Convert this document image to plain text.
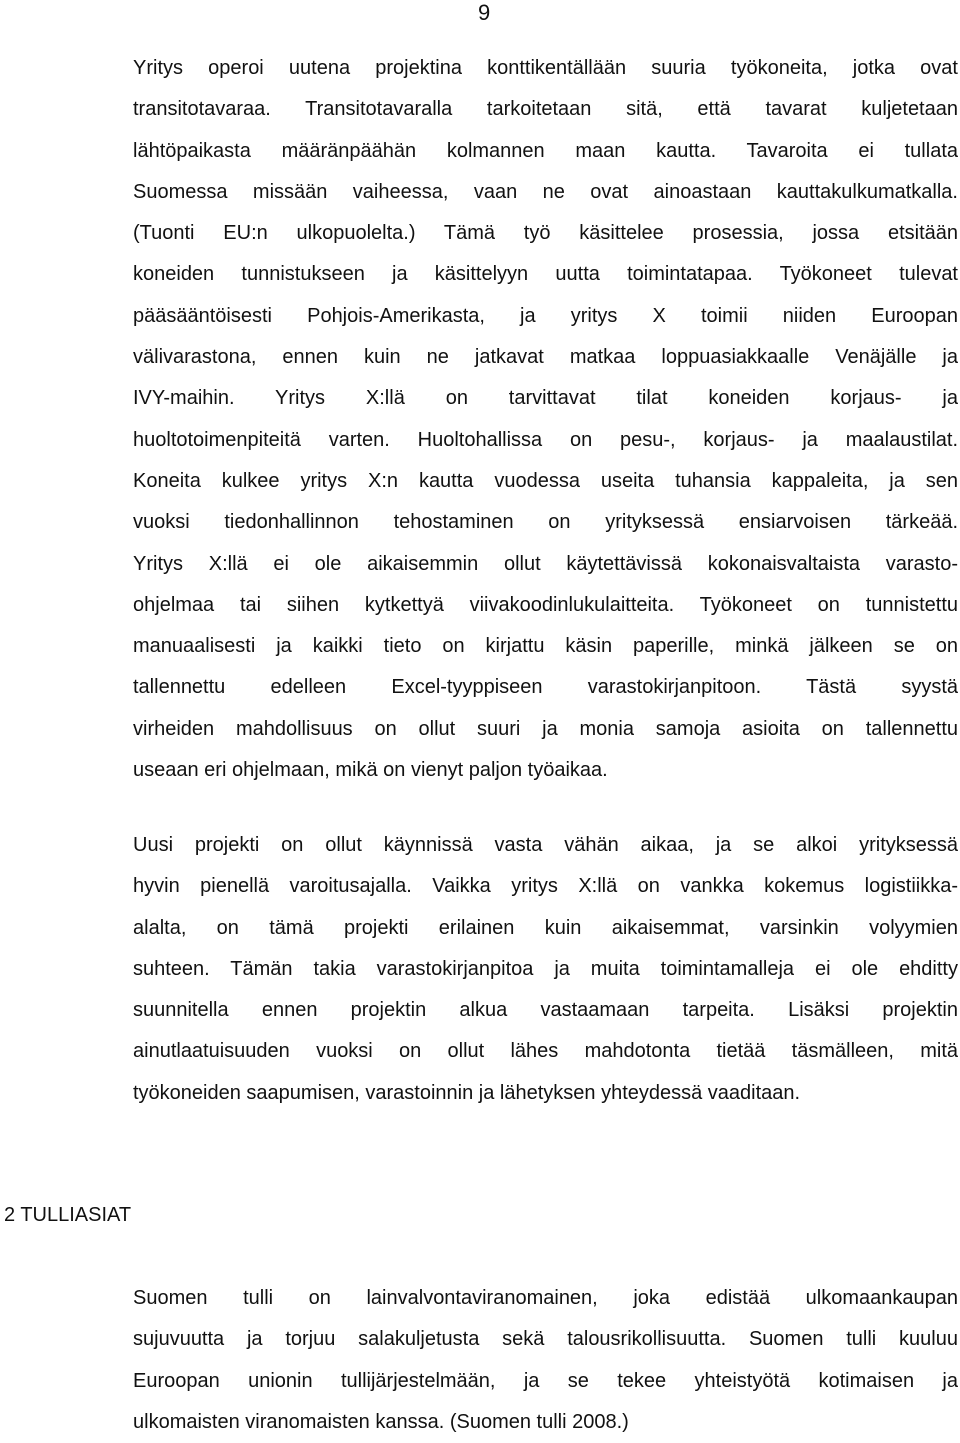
9
Yritys operoi uutena projektina konttikentällään suuria työkoneita, jotka ovat
transitotavaraa. Transitotavaralla tarkoitetaan sitä, että tavarat kuljetetaan
lähtöpaikasta määränpäähän kolmannen maan kautta. Tavaroita ei tullata
Suomessa missään vaiheessa, vaan ne ovat ainoastaan kauttakulkumatkalla.
(Tuonti EU:n ulkopuolelta.) Tämä työ käsittelee prosessia, jossa etsitään
koneiden tunnistukseen ja käsittelyyn uutta toimintatapaa. Työkoneet tulevat
pääsääntöisesti Pohjois-Amerikasta, ja yritys X toimii niiden Euroopan
välivarastona, ennen kuin ne jatkavat matkaa loppuasiakkaalle Venäjälle ja
IVY-maihin. Yritys X:llä on tarvittavat tilat koneiden korjaus- ja
huoltotoimenpiteitä varten. Huoltohallissa on pesu-, korjaus- ja maalaustilat.
Koneita kulkee yritys X:n kautta vuodessa useita tuhansia kappaleita, ja sen
vuoksi tiedonhallinnon tehostaminen on yrityksessä ensiarvoisen tärkeää.
Yritys X:llä ei ole aikaisemmin ollut käytettävissä kokonaisvaltaista varasto-
ohjelmaa tai siihen kytkettyä viivakoodinlukulaitteita. Työkoneet on tunnistettu
manuaalisesti ja kaikki tieto on kirjattu käsin paperille, minkä jälkeen se on
tallennettu edelleen Excel-tyyppiseen varastokirjanpitoon. Tästä syystä
virheiden mahdollisuus on ollut suuri ja monia samoja asioita on tallennettu
useaan eri ohjelmaan, mikä on vienyt paljon työaikaa.
Uusi projekti on ollut käynnissä vasta vähän aikaa, ja se alkoi yrityksessä
hyvin pienellä varoitusajalla. Vaikka yritys X:llä on vankka kokemus logistiikka-
alalta, on tämä projekti erilainen kuin aikaisemmat, varsinkin volyymien
suhteen. Tämän takia varastokirjanpitoa ja muita toimintamalleja ei ole ehditty
suunnitella ennen projektin alkua vastaamaan tarpeita. Lisäksi projektin
ainutlaatuisuuden vuoksi on ollut lähes mahdotonta tietää täsmälleen, mitä
työkoneiden saapumisen, varastoinnin ja lähetyksen yhteydessä vaaditaan.
2 TULLIASIAT
Suomen tulli on lainvalvontaviranomainen, joka edistää ulkomaankaupan
sujuvuutta ja torjuu salakuljetusta sekä talousrikollisuutta. Suomen tulli kuuluu
Euroopan unionin tullijärjestelmään, ja se tekee yhteistyötä kotimaisen ja
ulkomaisten viranomaisten kanssa. (Suomen tulli 2008.)
